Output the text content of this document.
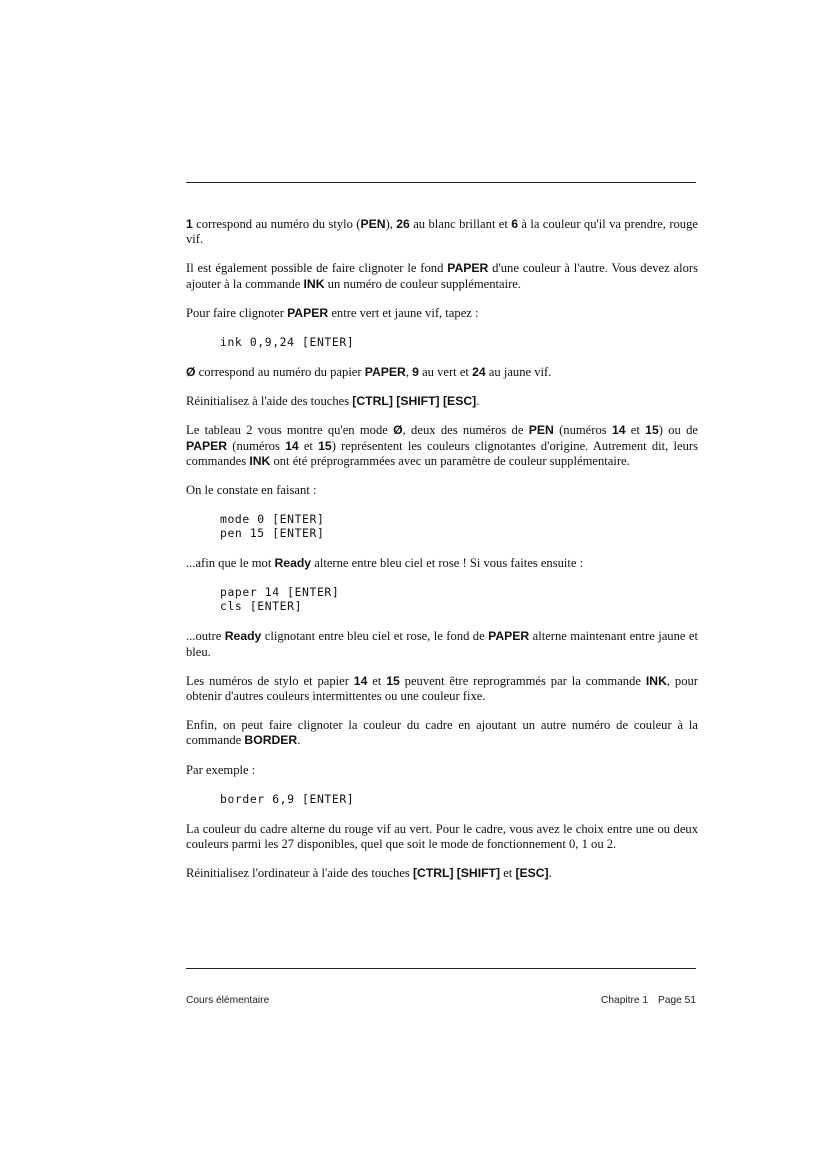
1 correspond au numéro du stylo (PEN), 26 au blanc brillant et 6 à la couleur qu'il va prendre, rouge vif.

Il est également possible de faire clignoter le fond PAPER d'une couleur à l'autre. Vous devez alors ajouter à la commande INK un numéro de couleur supplémentaire.

Pour faire clignoter PAPER entre vert et jaune vif, tapez :

ink 0,9,24 [ENTER]

Ø correspond au numéro du papier PAPER, 9 au vert et 24 au jaune vif.

Réinitialisez à l'aide des touches [CTRL] [SHIFT] [ESC].

Le tableau 2 vous montre qu'en mode Ø, deux des numéros de PEN (numéros 14 et 15) ou de PAPER (numéros 14 et 15) représentent les couleurs clignotantes d'origine. Autrement dit, leurs commandes INK ont été préprogrammées avec un paramètre de couleur supplémentaire.

On le constate en faisant :

mode 0 [ENTER]
pen 15 [ENTER]

...afin que le mot Ready alterne entre bleu ciel et rose ! Si vous faites ensuite :

paper 14 [ENTER]
cls [ENTER]

...outre Ready clignotant entre bleu ciel et rose, le fond de PAPER alterne maintenant entre jaune et bleu.

Les numéros de stylo et papier 14 et 15 peuvent être reprogrammés par la commande INK, pour obtenir d'autres couleurs intermittentes ou une couleur fixe.

Enfin, on peut faire clignoter la couleur du cadre en ajoutant un autre numéro de couleur à la commande BORDER.

Par exemple :

border 6,9 [ENTER]

La couleur du cadre alterne du rouge vif au vert. Pour le cadre, vous avez le choix entre une ou deux couleurs parmi les 27 disponibles, quel que soit le mode de fonctionnement 0, 1 ou 2.

Réinitialisez l'ordinateur à l'aide des touches [CTRL] [SHIFT] et [ESC].

Cours élémentaire	Chapitre 1 Page 51
